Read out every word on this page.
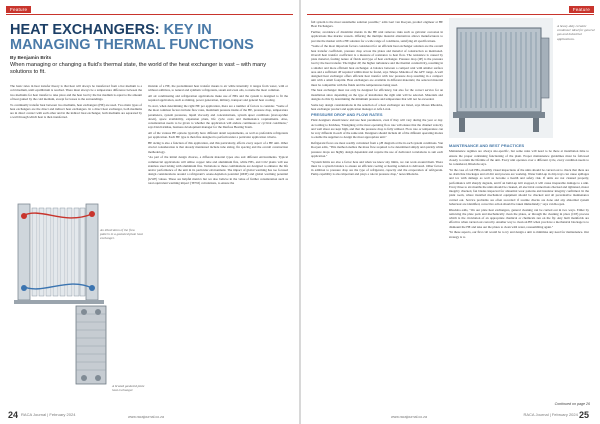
Feature
HEAT EXCHANGERS: KEY IN MANAGING THERMAL FUNCTIONS
By Benjamin Brits
When managing or changing a fluid's thermal state, the world of the heat exchanger is vast – with many solutions to fit.

The basic rules in heat transfer theory is that heat will always be transferred from a hot medium to a cold medium, until equilibrium is reached. There must always be a temperature difference between the two mediums for heat transfer to take place and the heat lost by the hot medium is equal to the amount of heat gained by the cold medium, except for losses to the surroundings.

To continually transfer heat between two mediums, heat exchangers (HE) are used. Two main types of heat exchangers are the direct and indirect heat exchangers. In a direct heat exchanger, both mediums are in direct contact with each other and in the indirect heat exchanger, both mediums are separated by a wall through which heat is then transferred.

An illustration of the flow pattern in a gasketed plate heat exchanger.
A brazed gasketed plate heat exchanger.

Outside of a HE, the predominant heat transfer means is air while internally it ranges from water, with or without additives, to natural and synthetic refrigerants, steam and even oils, to name the most common.

All air conditioning and refrigeration applications make use of HEs and the system is designed to fit the required application, such as mining, power generation, military, transport and general heat cooling.

To start, when determining the right HE per application, there are a number of factors to consider. "Some of the most common factors include flow rates, maximum pressure inside of the HE, pressure drop, temperature parameters, system pressures, liquid viscosity and concentrations, system upset conditions (start-up/shut down), space availability, expansion plans, life cycle costs and maintenance requirements. Also, consideration needs to be given to whether the application will endure continuous or cyclical conditions," says Dan Kickhau, business development manager for the Danfoss Heating Team.

All of the various HE options typically have different detail requirements, as well as preferable refrigerants per application. Each HE type is then fine designed to perform under a particular application criteria.

HE sizing is also a function of this application, and this particularly, affects every aspect of a HE unit. Other crucial consideration is that already mentioned include tube sizing, fin spacing and the overall construction methodology.

"As part of the initial design choices, a different material types also suit different environments. Typical commercial applications will utilise copper tube and aluminium fins, while HFs, and CO2 plants will use stainless steel tubing with aluminium fins. Variations to these combinations are designed to enhance the life and/or performance of the unit in its particular environment. The impact of global warming has too focused design considerations around a refrigerant's ozone-depletion potential (ODP) and global warming potential (GWP) values. These are helpful metrics but we also believe in the value of further consideration such as total equivalent warming impact (TEWI) calculations, to ensure the

24 RACA Journal | February 2024	www.racajournal.co.za
Feature

full system is the most sustainable solution possible," adds Gert van Rooyen, product engineer at HE Heat Exchangers.

Further, avoidance of dissimilar metals in the HE unit removes risks such as galvanic corrosion in applications like marine vessels. Offering the multiple material alternatives allows manufacturers to provide the market with a HE solution for a wide range of conditions, satisfying all specifications.

"Some of the most important factors considered for an efficient heat exchanger solution are the overall heat transfer coefficient, pressure drop across the plates and material of construction as mentioned. Overall heat transfer coefficient is a measure of resistance to heat flow. The resistance is caused by plate material, fouling nature of fluids and type of heat exchanger. Pressure drop (dP) is the pressure lost by the heat transfer. The higher dP, the higher turbulence and the thermal conductivity, resulting in a smaller and more efficient heat exchanger. A balance between a compact unit with smaller surface area and a sufficient dP required within must be found, says Tshepo Malema of the APV range. A well designed heat exchanger offers efficient heat transfer with low pressure drop resulting in a compact unit with a small footprint. Heat exchangers are available in different materials; the selected material must be compatible with the fluids and the temperatures being used.

The heat exchanger must not only be designed for efficiency, but also for the correct service for an installation since depending on the type of installation the right unit will be selected. Materials and designs do this by determining the minimum pressure and temperature that will not be exceeded.

Some key design considerations in the selection of a heat exchanger are listed, says Moses Rhodoba, heat exchanger product and application manager at Alfa Laval.

PRESSURE DROP AND FLOW RATES

Plant designers should know and use heat parameters, even if they will vary during the year or day. According to Kickhau, "Designing at the most operating flow rate will ensure that the channel velocity and wall shear are kept high, and that the pressure drop is fully utilised. Flow rate or temperature can be very different in each of the same unit. Designers should include all of the different operating modes to enable the suppliers to design the most appropriate unit."

Refrigerant flows are most readily calculated from a pH diagram at the in each system conditions. Van Rooyen adds, "This method enables the mass flow required to be determined simply and quickly while pressure drops are highly design dependent and require the use of dedicated correlations to suit each application."

"System limits are also a factor here and when we know any limits, we can work around them. There must be a system balance to ensure an efficient cooling or heating solution is delivered. Other factors in addition to pressure drop are the type of refrigerant, capacity and the evaporation of refrigerant. Pump capability is also important and plays a role in pressure drop," notes Rhodoba.

A heavy-duty ceramic condenser ideal for general gas and industrial applications.
MAINTENANCE AND BEST PRACTICES

Maintenance regimes are always site-specific, but some rules will need to be there at installation time to ensure the proper continuing functioning of the plant. Proper maintenance guidelines must be followed closely to retain the lifetime of the unit. Every unit operates over a different cycle, every condition needs to be considered, Rhodoba says.

"In the case of coil HEs, monthly visual inspections of the units should be carried out to check that there are no drain line blockages and all dirt and process are working. Water build-up in drip trays can cause spillages and ice with damage as well as become a health and safety risk. If units are not cleaned properly, performance will sharply degrade, and if an build-up isn't stopped, it will cause irreparable damage to a unit. Every three to six months the units should be cleaned, all electrical connections checked and tightened, motor integrity checked, fan blades inspected for abnormal wear patterns and insulator integrity confirmed. In the plant room, where installed mechanical equipment should be checked and all preventative maintenance carried out. Service problems are often recorded: if routine checks are done and any abnormal system behaviour are identified, corrective action should be taken immediately," says van Rooyen.

Rhodoba adds, "On our plate heat exchangers, general cleaning can be carried out in two ways. Either by removing the plate pack and mechanically clean the plates, or through the cleaning in place (CIP) process which is the circulation of an appropriate chemical or chemicals run on the fly. Any built manifolds are effective when carried out correctly. Another way to clean an HE when you have a mechanical blockage is to dismount the HE and take out the plates to clean with water, reassembling again."

"In these aspects, our first call would be to try and design a unit to minimise any need for maintenance. Our strategy is to

Continued on page 26
www.racajournal.co.za	RACA Journal | February 2024 25
